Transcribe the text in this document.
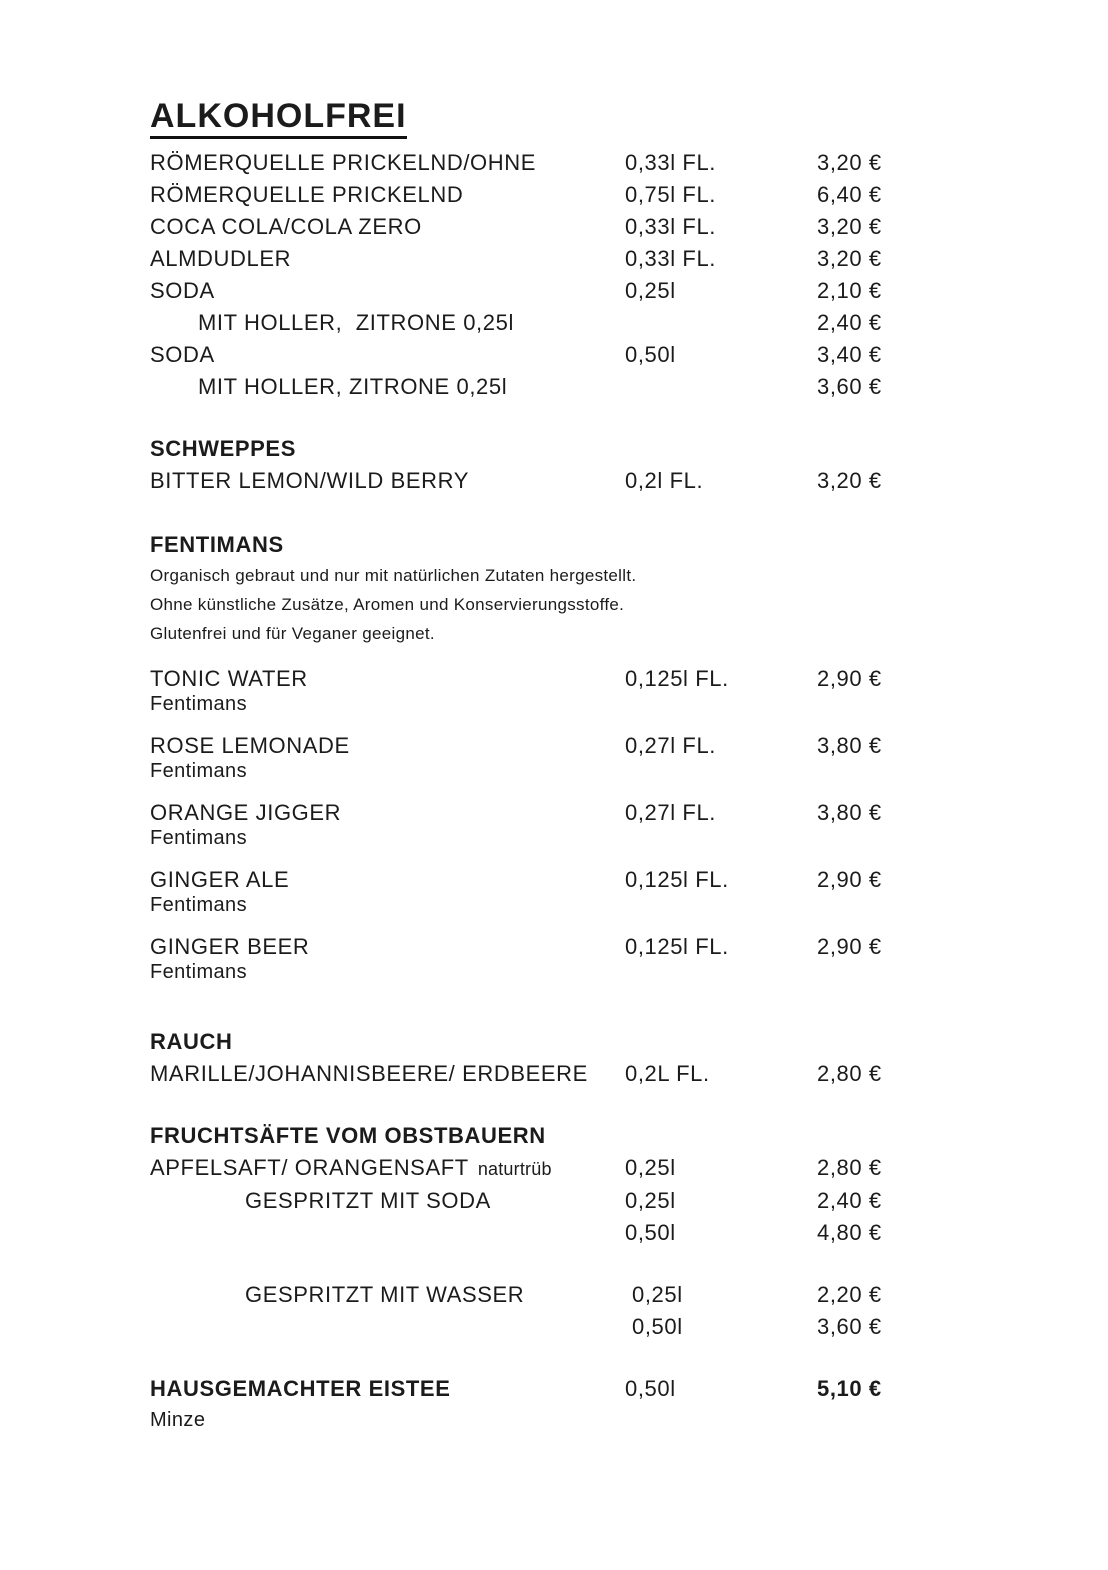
ALKOHOLFREI
RÖMERQUELLE PRICKELND/OHNE	0,33l FL.	3,20 €
RÖMERQUELLE PRICKELND	0,75l FL.	6,40 €
COCA COLA/COLA ZERO	0,33l FL.	3,20 €
ALMDUDLER	0,33l FL.	3,20 €
SODA	0,25l	2,10 €
MIT HOLLER,  ZITRONE 0,25l	2,40 €
SODA	0,50l	3,40 €
MIT HOLLER, ZITRONE 0,25l	3,60 €
SCHWEPPES
BITTER LEMON/WILD BERRY	0,2l FL.	3,20 €
FENTIMANS
Organisch gebraut und nur mit natürlichen Zutaten hergestellt.
Ohne künstliche Zusätze, Aromen und Konservierungsstoffe.
Glutenfrei und für Veganer geeignet.
TONIC WATER	0,125l FL.	2,90 €
Fentimans
ROSE LEMONADE	0,27l FL.	3,80 €
Fentimans
ORANGE JIGGER	0,27l FL.	3,80 €
Fentimans
GINGER ALE	0,125l FL.	2,90 €
Fentimans
GINGER BEER	0,125l FL.	2,90 €
Fentimans
RAUCH
MARILLE/JOHANNISBEERE/ ERDBEERE	0,2L FL.	2,80 €
FRUCHTSÄFTE VOM OBSTBAUERN
APFELSAFT/ ORANGENSAFT naturtrüb	0,25l	2,80 €
GESPRITZT MIT SODA	0,25l	2,40 €
0,50l	4,80 €
GESPRITZT MIT WASSER	0,25l	2,20 €
0,50l	3,60 €
HAUSGEMACHTER EISTEE	0,50l	5,10 €
Minze
